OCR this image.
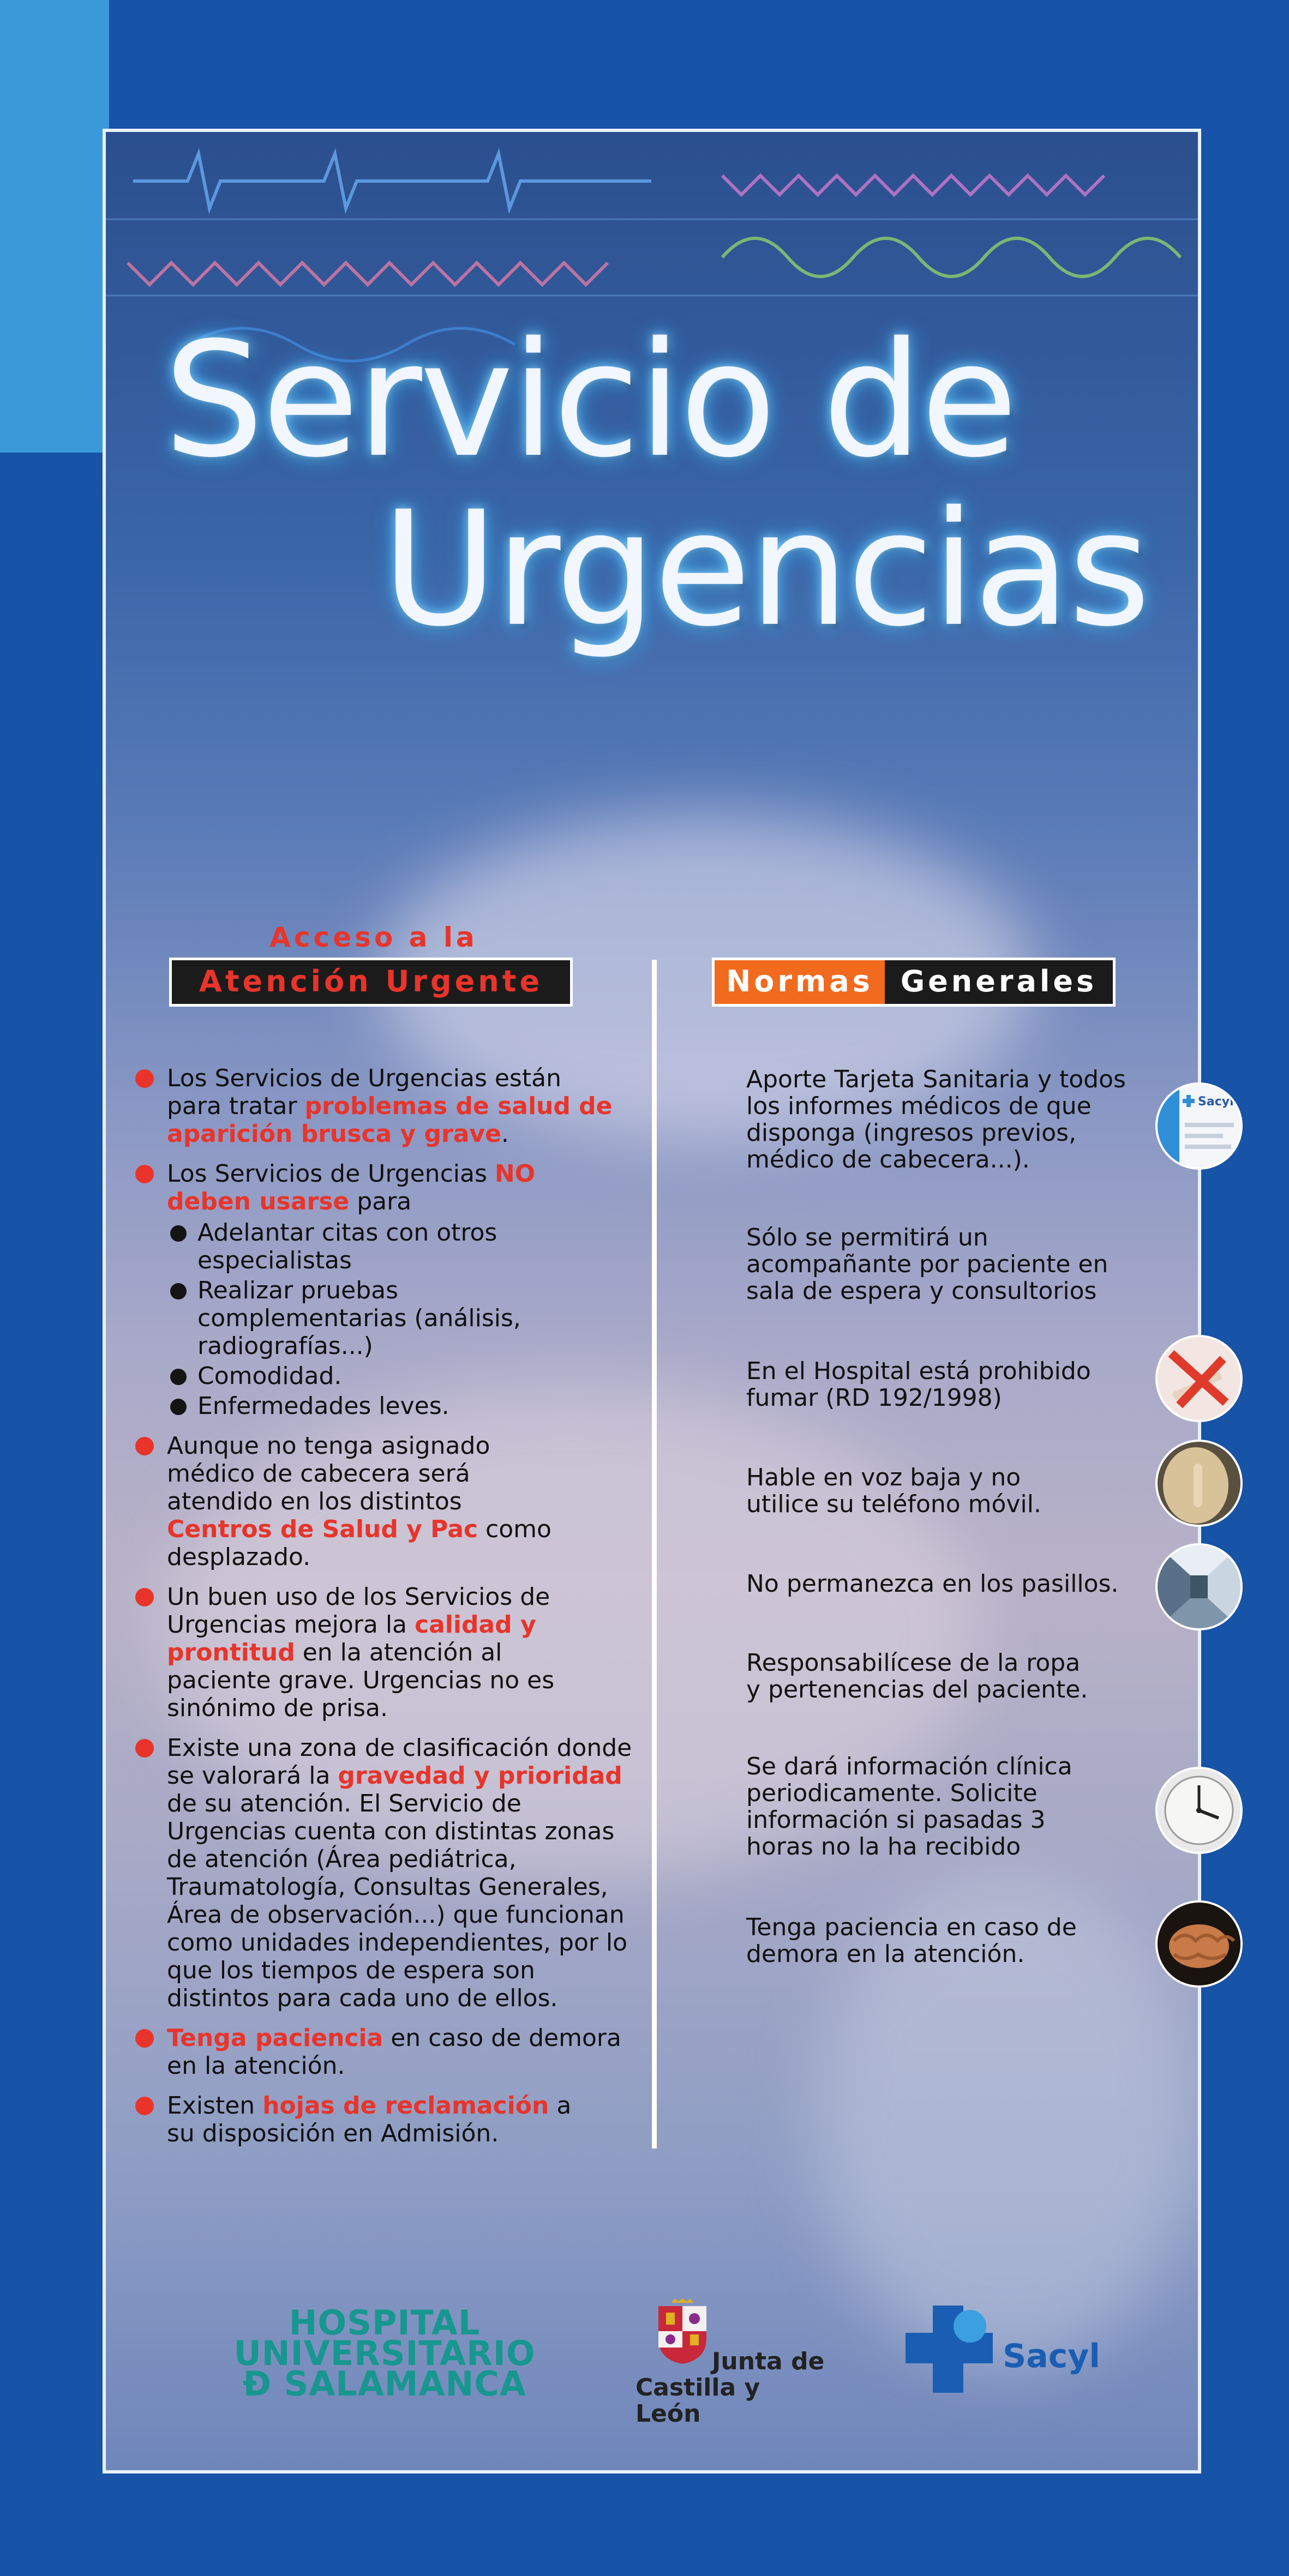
Servicio de
Urgencias
Acceso a la
Atención Urgente	Normas Generales

Los Servicios de Urgencias están para tratar problemas de salud de aparición brusca y grave.

Los Servicios de Urgencias NO deben usarse para

Adelantar citas con otros especialistas

Realizar pruebas complementarias (análisis, radiografías...)

Comodidad.

Enfermedades leves.

Aunque no tenga asignado médico de cabecera será atendido en los distintos Centros de Salud y Pac como desplazado.

Un buen uso de los Servicios de Urgencias mejora la calidad y prontitud en la atención al paciente grave. Urgencias no es sinónimo de prisa.

Existe una zona de clasificación donde se valorará la gravedad y prioridad de su atención. El Servicio de Urgencias cuenta con distintas zonas de atención (Área pediátrica, Traumatología, Consultas Generales, Área de observación...) que funcionan como unidades independientes, por lo que los tiempos de espera son distintos para cada uno de ellos.

Tenga paciencia en caso de demora en la atención.

Existen hojas de reclamación a su disposición en Admisión.

Aporte Tarjeta Sanitaria y todos los informes médicos de que disponga (ingresos previos, médico de cabecera...).

Sólo se permitirá un acompañante por paciente en sala de espera y consultorios

En el Hospital está prohibido fumar (RD 192/1998)

Hable en voz baja y no utilice su teléfono móvil.

No permanezca en los pasillos.

Responsabilícese de la ropa y pertenencias del paciente.

Se dará información clínica periodicamente. Solicite información si pasadas 3 horas no la ha recibido

Tenga paciencia en caso de demora en la atención.

Sacyl
HOSPITAL
UNIVERSITARIO
Ð SALAMANCA
Junta de
Castilla y León
Sacyl
